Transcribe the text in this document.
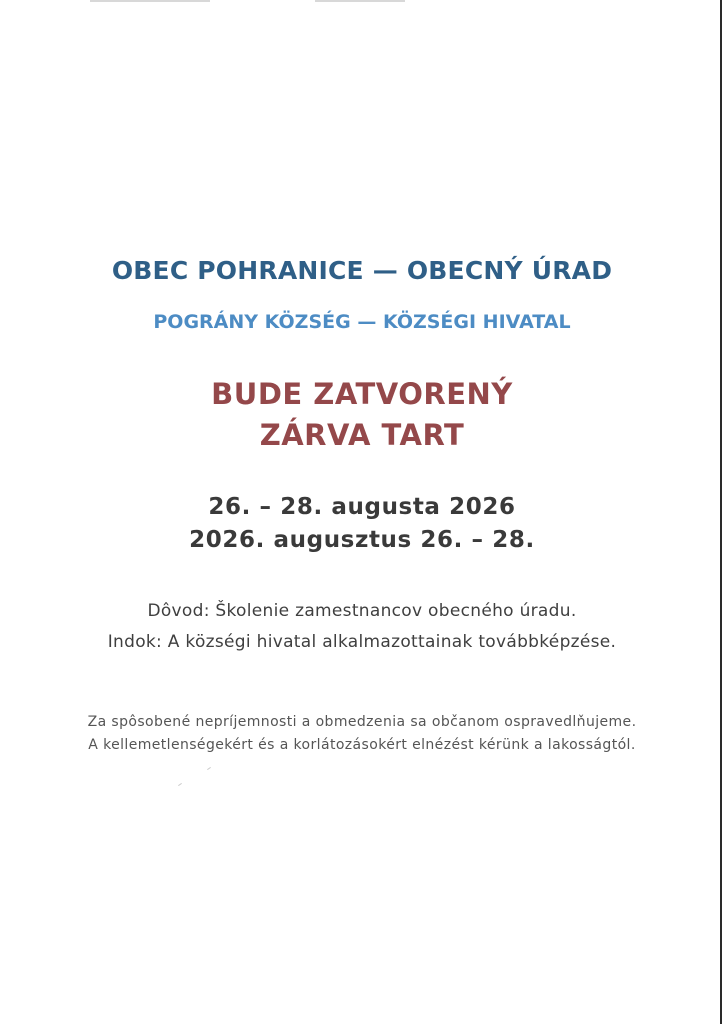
OBEC POHRANICE — OBECNÝ ÚRAD
POGRÁNY KÖZSÉG — KÖZSÉGI HIVATAL
BUDE ZATVORENÝ
ZÁRVA TART
26. – 28. augusta 2026
2026. augusztus 26. – 28.
Dôvod: Školenie zamestnancov obecného úradu.
Indok: A községi hivatal alkalmazottainak továbbképzése.
Za spôsobené nepríjemnosti a obmedzenia sa občanom ospravedlňujeme.
A kellemetlenségekért és a korlátozásokért elnézést kérünk a lakosságtól.
